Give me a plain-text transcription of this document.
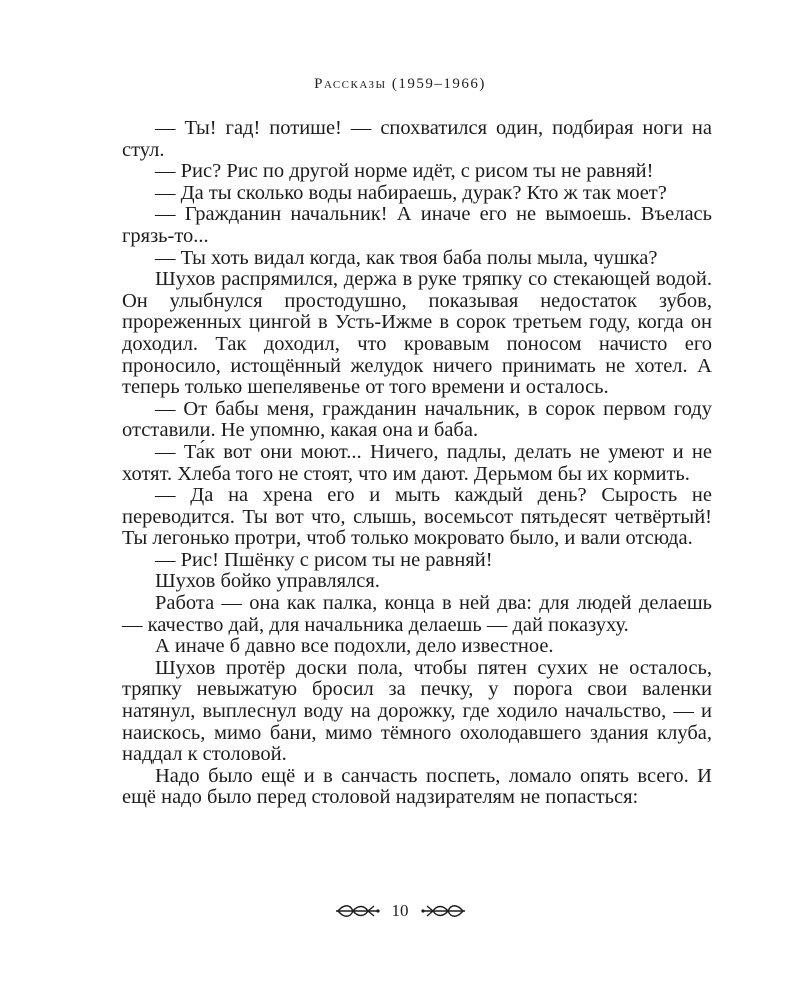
Рассказы (1959–1966)

— Ты! гад! потише! — спохватился один, подбирая ноги на стул.

— Рис? Рис по другой норме идёт, с рисом ты не равняй!

— Да ты сколько воды набираешь, дурак? Кто ж так моет?

— Гражданин начальник! А иначе его не вымоешь. Въелась грязь-то...

— Ты хоть видал когда, как твоя баба полы мыла, чушка?

Шухов распрямился, держа в руке тряпку со стекающей водой. Он улыбнулся простодушно, показывая недостаток зубов, прореженных цингой в Усть-Ижме в сорок третьем году, когда он доходил. Так доходил, что кровавым поносом начисто его проносило, истощённый желудок ничего принимать не хотел. А теперь только шепелявенье от того времени и осталось.

— От бабы меня, гражданин начальник, в сорок первом году отставили. Не упомню, какая она и баба.

— Та́к вот они моют... Ничего, падлы, делать не умеют и не хотят. Хлеба того не стоят, что им дают. Дерьмом бы их кормить.

— Да на хрена его и мыть каждый день? Сырость не переводится. Ты вот что, слышь, восемьсот пятьдесят четвёртый! Ты легонько протри, чтоб только мокровато было, и вали отсюда.

— Рис! Пшёнку с рисом ты не равняй!

Шухов бойко управлялся.

Работа — она как палка, конца в ней два: для людей делаешь — качество дай, для начальника делаешь — дай показуху.

А иначе б давно все подохли, дело известное.

Шухов протёр доски пола, чтобы пятен сухих не осталось, тряпку невыжатую бросил за печку, у порога свои валенки натянул, выплеснул воду на дорожку, где ходило начальство, — и наискось, мимо бани, мимо тёмного охолодавшего здания клуба, наддал к столовой.

Надо было ещё и в санчасть поспеть, ломало опять всего. И ещё надо было перед столовой надзирателям не попасться:

10
